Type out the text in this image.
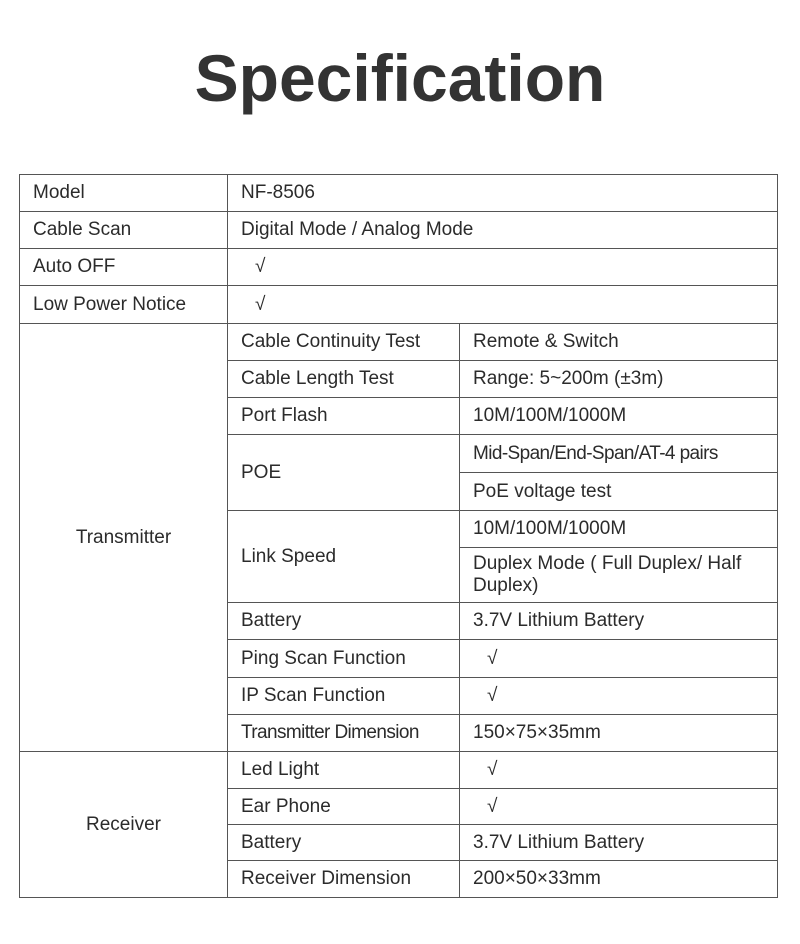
Specification
Model	NF-8506	
Cable Scan	Digital Mode / Analog Mode	
Auto OFF	√	
Low Power Notice	√	
Transmitter	Cable Continuity Test	Remote & Switch
	Cable Length Test	Range: 5~200m (±3m)
	Port Flash	10M/100M/1000M
	POE	Mid-Span/End-Span/AT-4 pairs
		PoE voltage test
	Link Speed	10M/100M/1000M
		Duplex Mode ( Full Duplex/ Half Duplex)
	Battery	3.7V Lithium Battery
	Ping Scan Function	√
	IP Scan Function	√
	Transmitter Dimension	150×75×35mm
Receiver	Led Light	√
	Ear Phone	√
	Battery	3.7V Lithium Battery
	Receiver Dimension	200×50×33mm
